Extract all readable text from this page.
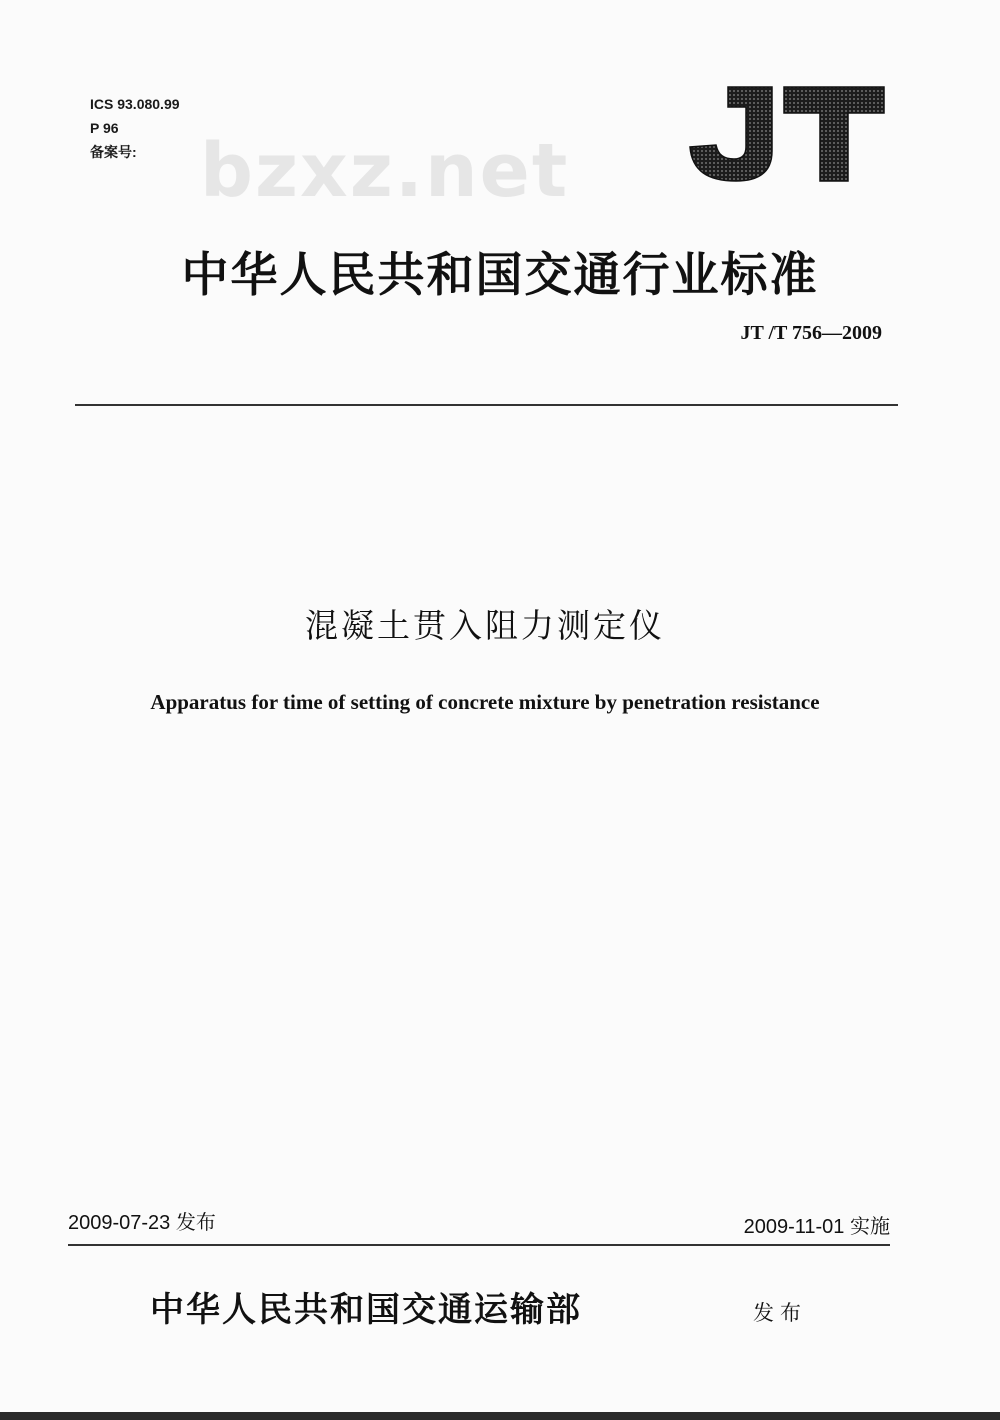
ICS 93.080.99
P 96
备案号: bzxz.net
中华人民共和国交通行业标准
JT /T 756—2009
混凝土贯入阻力测定仪
Apparatus for time of setting of concrete mixture by penetration resistance
2009-07-23 发布	2009-11-01 实施
中华人民共和国交通运输部	发布
